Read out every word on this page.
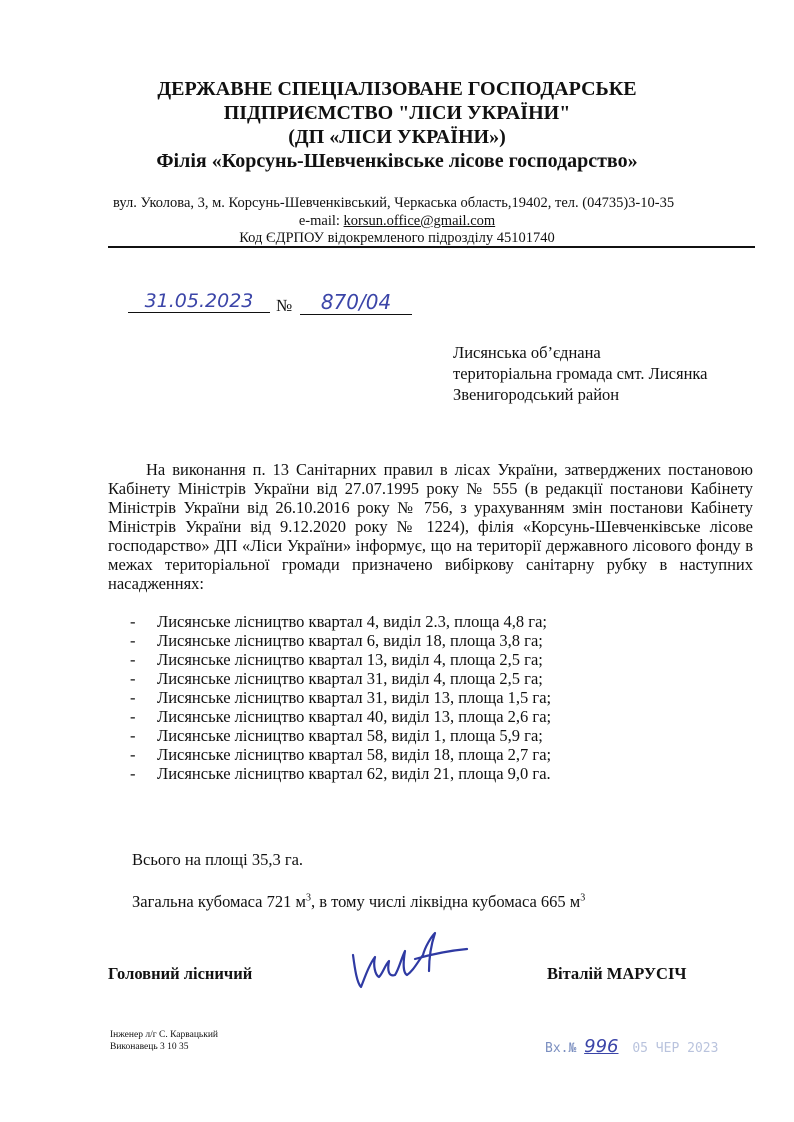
ДЕРЖАВНЕ СПЕЦІАЛІЗОВАНЕ ГОСПОДАРСЬКЕ
ПІДПРИЄМСТВО "ЛІСИ УКРАЇНИ"
(ДП «ЛІСИ УКРАЇНИ»)
Філія «Корсунь-Шевченківське лісове господарство»
вул. Уколова, 3, м. Корсунь-Шевченківський, Черкаська область,19402, тел. (04735)3-10-35
e-mail: korsun.office@gmail.com
Код ЄДРПОУ відокремленого підрозділу 45101740
31.05.2023	№	870/04
Лисянська об’єднана
територіальна громада смт. Лисянка
Звенигородський район

На виконання п. 13 Санітарних правил в лісах України, затверджених постановою Кабінету Міністрів України від 27.07.1995 року № 555 (в редакції постанови Кабінету Міністрів України від 26.10.2016 року № 756, з урахуванням змін постанови Кабінету Міністрів України від 9.12.2020 року № 1224), філія «Корсунь-Шевченківське лісове господарство» ДП «Ліси України» інформує, що на території державного лісового фонду в межах територіальної громади призначено вибіркову санітарну рубку в наступних насадженнях:

- Лисянське лісництво квартал 4, виділ 2.3, площа 4,8 га;
- Лисянське лісництво квартал 6, виділ 18, площа 3,8 га;
- Лисянське лісництво квартал 13, виділ 4, площа 2,5 га;
- Лисянське лісництво квартал 31, виділ 4, площа 2,5 га;
- Лисянське лісництво квартал 31, виділ 13, площа 1,5 га;
- Лисянське лісництво квартал 40, виділ 13, площа 2,6 га;
- Лисянське лісництво квартал 58, виділ 1, площа 5,9 га;
- Лисянське лісництво квартал 58, виділ 18, площа 2,7 га;
- Лисянське лісництво квартал 62, виділ 21, площа 9,0 га.
Всього на площі 35,3 га.
Загальна кубомаса 721 $м^3$, в тому числі ліквідна кубомаса 665 $м^3$
Головний лісничий	Віталій МАРУСІЧ
Інженер л/г С. Карвацький
Виконавець 3 10 35	Вх.№ 996 05 ЧЕР 2023
